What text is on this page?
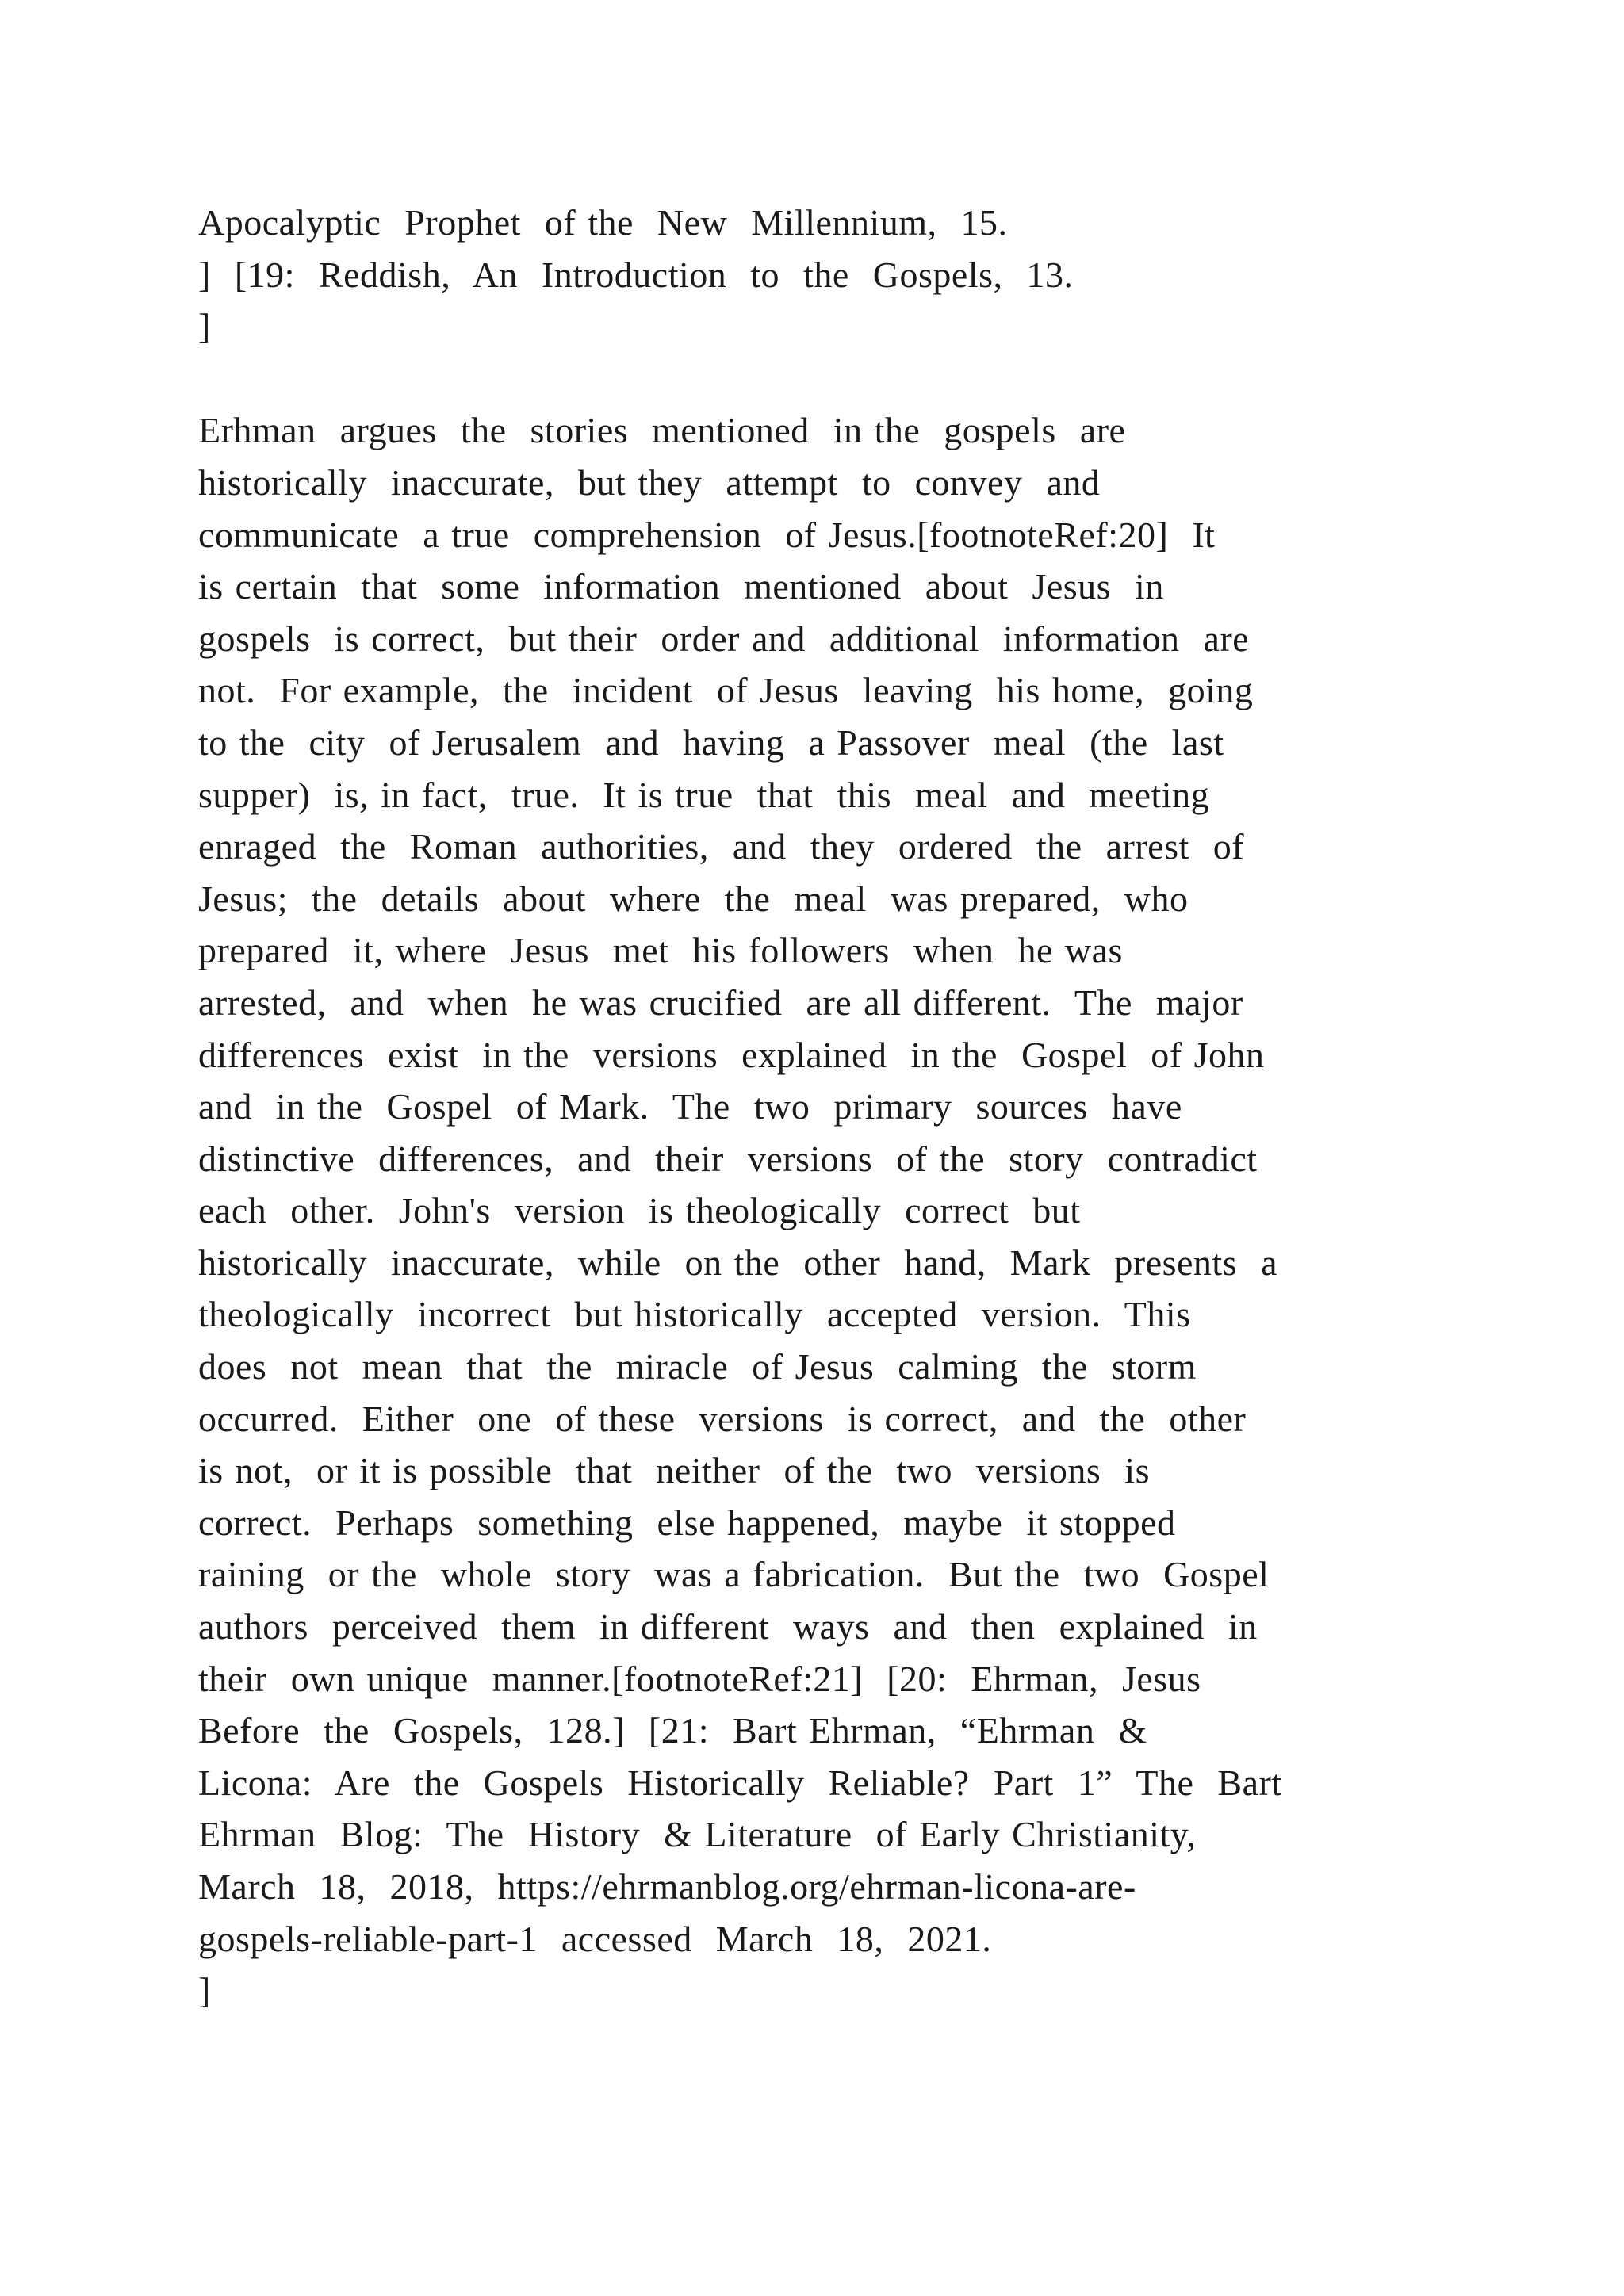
Apocalyptic  Prophet  of the  New  Millennium,  15.
]  [19:  Reddish,  An  Introduction  to  the  Gospels,  13.
]
Erhman  argues  the  stories  mentioned  in the  gospels  are
historically  inaccurate,  but they  attempt  to  convey  and
communicate  a true  comprehension  of Jesus.[footnoteRef:20]  It
is certain  that  some  information  mentioned  about  Jesus  in
gospels  is correct,  but their  order and  additional  information  are
not.  For example,  the  incident  of Jesus  leaving  his home,  going
to the  city  of Jerusalem  and  having  a Passover  meal  (the  last
supper)  is, in fact,  true.  It is true  that  this  meal  and  meeting
enraged  the  Roman  authorities,  and  they  ordered  the  arrest  of
Jesus;  the  details  about  where  the  meal  was prepared,  who
prepared  it, where  Jesus  met  his followers  when  he was
arrested,  and  when  he was crucified  are all different.  The  major
differences  exist  in the  versions  explained  in the  Gospel  of John
and  in the  Gospel  of Mark.  The  two  primary  sources  have
distinctive  differences,  and  their  versions  of the  story  contradict
each  other.  John's  version  is theologically  correct  but
historically  inaccurate,  while  on the  other  hand,  Mark  presents  a
theologically  incorrect  but historically  accepted  version.  This
does  not  mean  that  the  miracle  of Jesus  calming  the  storm
occurred.  Either  one  of these  versions  is correct,  and  the  other
is not,  or it is possible  that  neither  of the  two  versions  is
correct.  Perhaps  something  else happened,  maybe  it stopped
raining  or the  whole  story  was a fabrication.  But the  two  Gospel
authors  perceived  them  in different  ways  and  then  explained  in
their  own unique  manner.[footnoteRef:21]  [20:  Ehrman,  Jesus
Before  the  Gospels,  128.]  [21:  Bart Ehrman,  “Ehrman  &
Licona:  Are  the  Gospels  Historically  Reliable?  Part  1”  The  Bart
Ehrman  Blog:  The  History  & Literature  of Early Christianity,
March  18,  2018,  https://ehrmanblog.org/ehrman-licona-are-
gospels-reliable-part-1  accessed  March  18,  2021.
]
